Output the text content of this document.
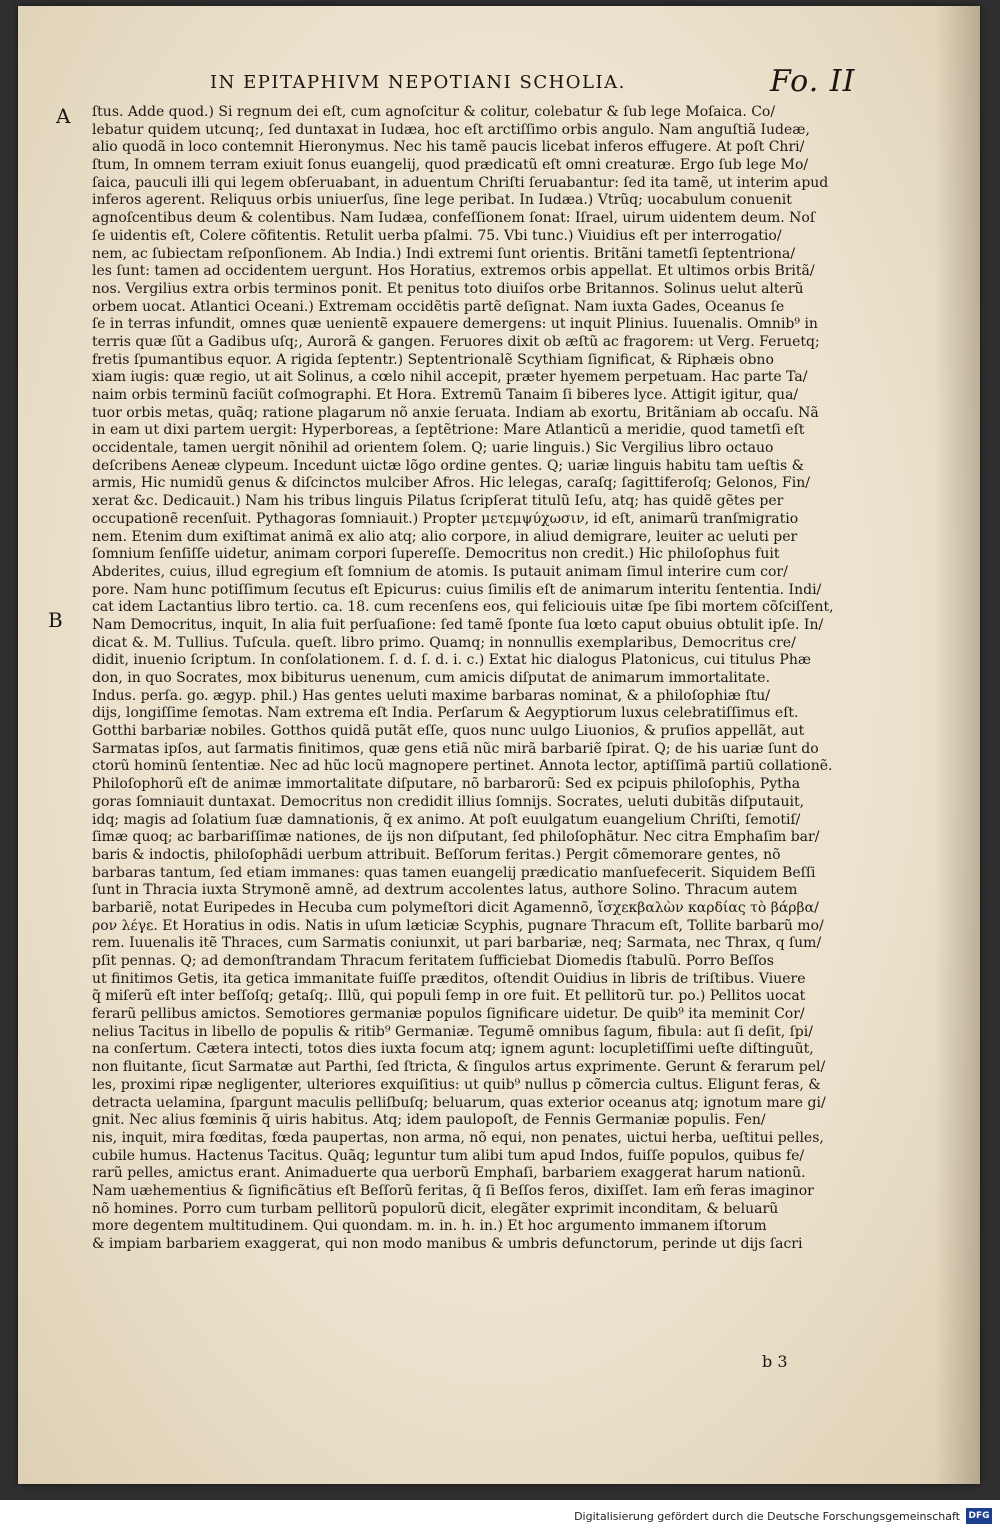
IN EPITAPHIVM NEPOTIANI SCHOLIA.	Fo. II
A
B
ſtus. Adde quod.) Si regnum dei eſt, cum agnoſcitur & colitur, colebatur & ſub lege Moſaica. Co/
lebatur quidem utcunq;, ſed duntaxat in Iudæa, hoc eſt arctiſſimo orbis angulo. Nam anguſtiã Iudeæ,
alio quodã in loco contemnit Hieronymus. Nec his tamẽ paucis licebat inferos effugere. At poſt Chri/
ſtum, In omnem terram exiuit ſonus euangelij, quod prædicatũ eſt omni creaturæ. Ergo ſub lege Mo/
ſaica, pauculi illi qui legem obſeruabant, in aduentum Chriſti ſeruabantur: ſed ita tamẽ, ut interim apud
inferos agerent. Reliquus orbis uniuerſus, ſine lege peribat. In Iudæa.) Vtrũq; uocabulum conuenit
agnoſcentibus deum & colentibus. Nam Iudæa, confeſſionem ſonat: Iſrael, uirum uidentem deum. Noſ
ſe uidentis eſt, Colere cõfitentis. Retulit uerba pſalmi. 75. Vbi tunc.) Viuidius eſt per interrogatio/
nem, ac ſubiectam reſponſionem. Ab India.) Indi extremi ſunt orientis. Britãni tametſi ſeptentriona/
les ſunt: tamen ad occidentem uergunt. Hos Horatius, extremos orbis appellat. Et ultimos orbis Britã/
nos. Vergilius extra orbis terminos ponit. Et penitus toto diuiſos orbe Britannos. Solinus uelut alterũ
orbem uocat. Atlantici Oceani.) Extremam occidẽtis partẽ deſignat. Nam iuxta Gades, Oceanus ſe
ſe in terras infundit, omnes quæ uenientẽ expauere demergens: ut inquit Plinius. Iuuenalis. Omnib⁹ in
terris quæ ſũt a Gadibus uſq;, Aurorã & gangen. Feruores dixit ob æſtũ ac fragorem: ut Verg. Feruetq;
fretis ſpumantibus equor. A rigida ſeptentr.) Septentrionalẽ Scythiam ſignificat, & Riphæis obno
xiam iugis: quæ regio, ut ait Solinus, a cœlo nihil accepit, præter hyemem perpetuam. Hac parte Ta/
naim orbis terminũ faciũt coſmographi. Et Hora. Extremũ Tanaim ſi biberes lyce. Attigit igitur, qua/
tuor orbis metas, quãq; ratione plagarum nõ anxie ſeruata. Indiam ab exortu, Britãniam ab occaſu. Nã
in eam ut dixi partem uergit: Hyperboreas, a ſeptẽtrione: Mare Atlanticũ a meridie, quod tametſi eſt
occidentale, tamen uergit nõnihil ad orientem ſolem. Q; uarie linguis.) Sic Vergilius libro octauo
deſcribens Aeneæ clypeum. Incedunt uictæ lõgo ordine gentes. Q; uariæ linguis habitu tam ueſtis &
armis, Hic numidũ genus & diſcinctos mulciber Afros. Hic lelegas, caraſq; ſagittiferoſq; Gelonos, Fin/
xerat &c. Dedicauit.) Nam his tribus linguis Pilatus ſcripſerat titulũ Ieſu, atq; has quidẽ gẽtes per
occupationẽ recenſuit. Pythagoras ſomniauit.) Propter μετεμψύχωσιν, id eſt, animarũ tranſmigratio
nem. Etenim dum exiſtimat animã ex alio atq; alio corpore, in aliud demigrare, leuiter ac ueluti per
ſomnium ſenſiſſe uidetur, animam corpori ſupereſſe. Democritus non credit.) Hic philoſophus fuit
Abderites, cuius, illud egregium eſt ſomnium de atomis. Is putauit animam ſimul interire cum cor/
pore. Nam hunc potiſſimum ſecutus eſt Epicurus: cuius ſimilis eſt de animarum interitu ſententia. Indi/
cat idem Lactantius libro tertio. ca. 18. cum recenſens eos, qui feliciouis uitæ ſpe ſibi mortem cõſciſſent,
Nam Democritus, inquit, In alia fuit perſuaſione: ſed tamẽ ſponte ſua lœto caput obuius obtulit ipſe. In/
dicat &. M. Tullius. Tuſcula. queſt. libro primo. Quamq; in nonnullis exemplaribus, Democritus cre/
didit, inuenio ſcriptum. In conſolationem. ſ. d. ſ. d. i. c.) Extat hic dialogus Platonicus, cui titulus Phæ
don, in quo Socrates, mox bibiturus uenenum, cum amicis diſputat de animarum immortalitate.
Indus. perſa. go. ægyp. phil.) Has gentes ueluti maxime barbaras nominat, & a philoſophiæ ſtu/
dijs, longiſſime ſemotas. Nam extrema eſt India. Perſarum & Aegyptiorum luxus celebratiſſimus eſt.
Gotthi barbariæ nobiles. Gotthos quidã putãt eſſe, quos nunc uulgo Liuonios, & pruſios appellãt, aut
Sarmatas ipſos, aut ſarmatis finitimos, quæ gens etiã nũc mirã barbariẽ ſpirat. Q; de his uariæ ſunt do
ctorũ hominũ ſententiæ. Nec ad hũc locũ magnopere pertinet. Annota lector, aptiſſimã partiũ collationẽ.
Philoſophorũ eſt de animæ immortalitate diſputare, nõ barbarorũ: Sed ex pcipuis philoſophis, Pytha
goras ſomniauit duntaxat. Democritus non credidit illius ſomnijs. Socrates, ueluti dubitãs diſputauit,
idq; magis ad ſolatium ſuæ damnationis, q̃ ex animo. At poſt euulgatum euangelium Chriſti, ſemotiſ/
ſimæ quoq; ac barbariſſimæ nationes, de ijs non diſputant, ſed philoſophãtur. Nec citra Emphaſim bar/
baris & indoctis, philoſophãdi uerbum attribuit. Beſſorum feritas.) Pergit cõmemorare gentes, nõ
barbaras tantum, ſed etiam immanes: quas tamen euangelij prædicatio manſuefecerit. Siquidem Beſſi
ſunt in Thracia iuxta Strymonẽ amnẽ, ad dextrum accolentes latus, authore Solino. Thracum autem
barbariẽ, notat Euripedes in Hecuba cum polymeſtori dicit Agamennõ, ἴσχεκβαλὼν καρδίας τὸ βάρβα/
ρον λέγε. Et Horatius in odis. Natis in uſum læticiæ Scyphis, pugnare Thracum eſt, Tollite barbarũ mo/
rem. Iuuenalis itẽ Thraces, cum Sarmatis coniunxit, ut pari barbariæ, neq; Sarmata, nec Thrax, q ſum/
pſit pennas. Q; ad demonſtrandam Thracum feritatem ſufficiebat Diomedis ſtabulũ. Porro Beſſos
ut finitimos Getis, ita getica immanitate fuiſſe præditos, oſtendit Ouidius in libris de triſtibus. Viuere
q̃ miſerũ eſt inter beſſoſq; getaſq;. Illũ, qui populi ſemp in ore fuit. Et pellitorũ tur. po.) Pellitos uocat
ferarũ pellibus amictos. Semotiores germaniæ populos ſignificare uidetur. De quib⁹ ita meminit Cor/
nelius Tacitus in libello de populis & ritib⁹ Germaniæ. Tegumẽ omnibus ſagum, fibula: aut ſi deſit, ſpi/
na conſertum. Cætera intecti, totos dies iuxta focum atq; ignem agunt: locupletiſſimi ueſte diſtinguũt,
non fluitante, ſicut Sarmatæ aut Parthi, ſed ſtricta, & ſingulos artus exprimente. Gerunt & ferarum pel/
les, proximi ripæ negligenter, ulteriores exquiſitius: ut quib⁹ nullus p cõmercia cultus. Eligunt feras, &
detracta uelamina, ſpargunt maculis pelliſbuſq; beluarum, quas exterior oceanus atq; ignotum mare gi/
gnit. Nec alius fœminis q̃ uiris habitus. Atq; idem paulopoſt, de Fennis Germaniæ populis. Fen/
nis, inquit, mira fœditas, fœda paupertas, non arma, nõ equi, non penates, uictui herba, ueſtitui pelles,
cubile humus. Hactenus Tacitus. Quãq; leguntur tum alibi tum apud Indos, fuiſſe populos, quibus fe/
rarũ pelles, amictus erant. Animaduerte qua uerborũ Emphaſi, barbariem exaggerat harum nationũ.
Nam uæhementius & ſignificãtius eſt Beſſorũ feritas, q̃ ſi Beſſos feros, dixiſſet. Iam em̃ feras imaginor
nõ homines. Porro cum turbam pellitorũ populorũ dicit, elegãter exprimit inconditam, & beluarũ
more degentem multitudinem. Qui quondam. m. in. h. in.) Et hoc argumento immanem iſtorum
& impiam barbariem exaggerat, qui non modo manibus & umbris defunctorum, perinde ut dijs ſacri
b 3
Digitalisierung gefördert durch die Deutsche Forschungsgemeinschaft DFG
